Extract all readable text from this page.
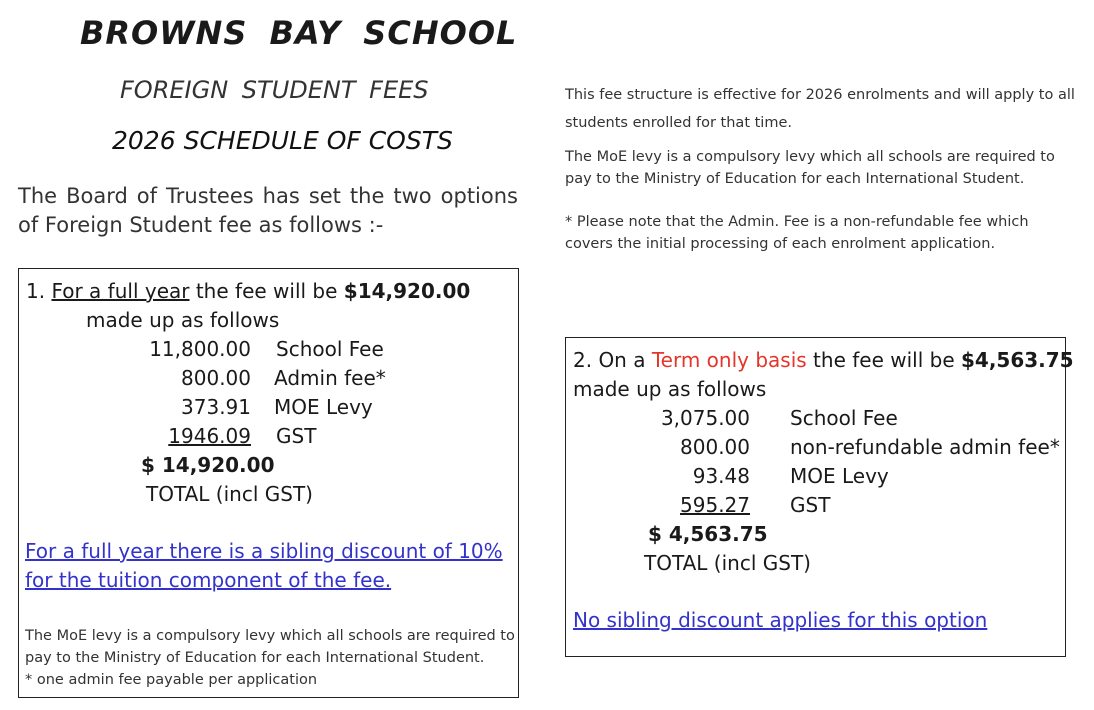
BROWNS BAY SCHOOL
FOREIGN STUDENT FEES
2026 SCHEDULE OF COSTS
The Board of Trustees has set the two options of Foreign Student fee as follows :-
This fee structure is effective for 2026 enrolments and will apply to all
students enrolled for that time.
The MoE levy is a compulsory levy which all schools are required to
pay to the Ministry of Education for each International Student.
* Please note that the Admin. Fee is a non-refundable fee which
covers the initial processing of each enrolment application.
1. For a full year the fee will be $14,920.00
made up as follows
11,800.00 School Fee
800.00 Admin fee*
373.91 MOE Levy
1946.09 GST
$ 14,920.00
TOTAL (incl GST)
For a full year there is a sibling discount of 10%
for the tuition component of the fee.
The MoE levy is a compulsory levy which all schools are required to
pay to the Ministry of Education for each International Student.
* one admin fee payable per application
2. On a Term only basis the fee will be $4,563.75
made up as follows
3,075.00 School Fee
800.00 non-refundable admin fee*
93.48 MOE Levy
595.27 GST
$ 4,563.75
TOTAL (incl GST)
No sibling discount applies for this option
